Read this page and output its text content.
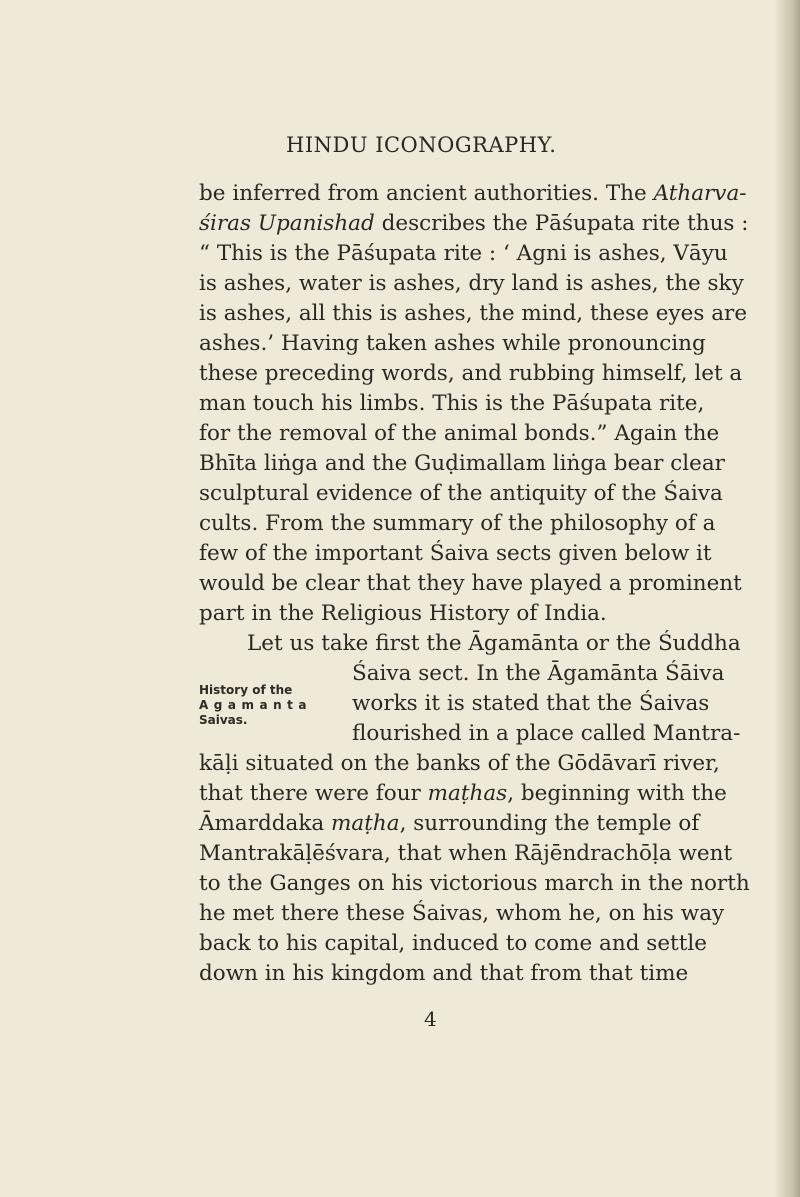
HINDU ICONOGRAPHY.
be inferred from ancient authorities. The Atharva-
śiras Upanishad describes the Pāśupata rite thus :
“ This is the Pāśupata rite : ‘ Agni is ashes, Vāyu
is ashes, water is ashes, dry land is ashes, the sky
is ashes, all this is ashes, the mind, these eyes are
ashes.’ Having taken ashes while pronouncing
these preceding words, and rubbing himself, let a
man touch his limbs. This is the Pāśupata rite,
for the removal of the animal bonds.” Again the
Bhīta liṅga and the Guḍimallam liṅga bear clear
sculptural evidence of the antiquity of the Śaiva
cults. From the summary of the philosophy of a
few of the important Śaiva sects given below it
would be clear that they have played a prominent
part in the Religious History of India.
Let us take first the Āgamānta or the Śuddha
Śaiva sect. In the Āgamānta Śāiva
works it is stated that the Śaivas
flourished in a place called Mantra-
kāḷi situated on the banks of the Gōdāvarī river,
that there were four maṭhas, beginning with the
Āmarddaka maṭha, surrounding the temple of
Mantrakāḷēśvara, that when Rājēndrachōḷa went
to the Ganges on his victorious march in the north
he met there these Śaivas, whom he, on his way
back to his capital, induced to come and settle
down in his kingdom and that from that time
History of the
Agamanta
Saivas.
4
